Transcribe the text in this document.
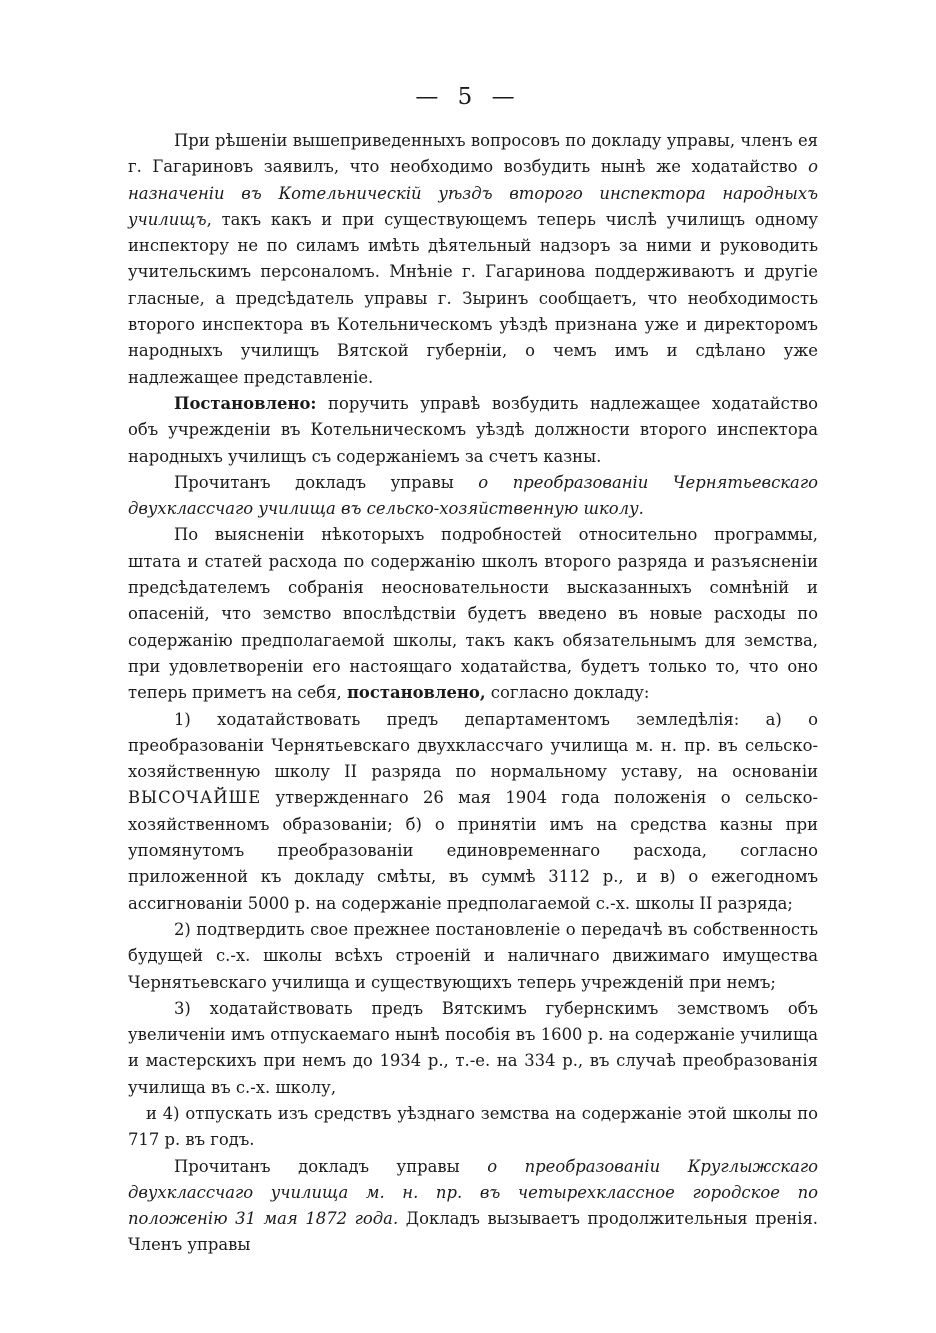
— 5 —

При рѣшеніи вышеприведенныхъ вопросовъ по докладу управы, членъ ея г. Гагариновъ заявилъ, что необходимо возбудить нынѣ же ходатайство о назначеніи въ Котельническій уѣздъ второго инспектора народныхъ училищъ, такъ какъ и при существующемъ теперь числѣ училищъ одному инспектору не по силамъ имѣть дѣятельный надзоръ за ними и руководить учительскимъ персоналомъ. Мнѣніе г. Гагаринова поддерживаютъ и другіе гласные, а предсѣдатель управы г. Зыринъ сообщаетъ, что необходимость второго инспектора въ Котельническомъ уѣздѣ признана уже и директоромъ народныхъ училищъ Вятской губерніи, о чемъ имъ и сдѣлано уже надлежащее представленіе.

Постановлено: поручить управѣ возбудить надлежащее ходатайство объ учрежденіи въ Котельническомъ уѣздѣ должности второго инспектора народныхъ училищъ съ содержаніемъ за счетъ казны.

Прочитанъ докладъ управы о преобразованіи Чернятьевскаго двухклассчаго училища въ сельско-хозяйственную школу.

По выясненіи нѣкоторыхъ подробностей относительно программы, штата и статей расхода по содержанію школъ второго разряда и разъясненіи предсѣдателемъ собранія неосновательности высказанныхъ сомнѣній и опасеній, что земство впослѣдствіи будетъ введено въ новые расходы по содержанію предполагаемой школы, такъ какъ обязательнымъ для земства, при удовлетвореніи его настоящаго ходатайства, будетъ только то, что оно теперь приметъ на себя, постановлено, согласно докладу:

1) ходатайствовать предъ департаментомъ земледѣлія: а) о преобразованіи Чернятьевскаго двухклассчаго училища м. н. пр. въ сельско-хозяйственную школу II разряда по нормальному уставу, на основаніи ВЫСОЧАЙШЕ утвержденнаго 26 мая 1904 года положенія о сельско-хозяйственномъ образованіи; б) о принятіи имъ на средства казны при упомянутомъ преобразованіи единовременнаго расхода, согласно приложенной къ докладу смѣты, въ суммѣ 3112 р., и в) о ежегодномъ ассигнованіи 5000 р. на содержаніе предполагаемой с.-х. школы II разряда;

2) подтвердить свое прежнее постановленіе о передачѣ въ собственность будущей с.-х. школы всѣхъ строеній и наличнаго движимаго имущества Чернятьевскаго училища и существующихъ теперь учрежденій при немъ;

3) ходатайствовать предъ Вятскимъ губернскимъ земствомъ объ увеличеніи имъ отпускаемаго нынѣ пособія въ 1600 р. на содержаніе училища и мастерскихъ при немъ до 1934 р., т.-е. на 334 р., въ случаѣ преобразованія училища въ с.-х. школу,

и 4) отпускать изъ средствъ уѣзднаго земства на содержаніе этой школы по 717 р. въ годъ.

Прочитанъ докладъ управы о преобразованіи Круглыжскаго двухклассчаго училища м. н. пр. въ четырехклассное городское по положенію 31 мая 1872 года. Докладъ вызываетъ продолжительныя пренія. Членъ управы
